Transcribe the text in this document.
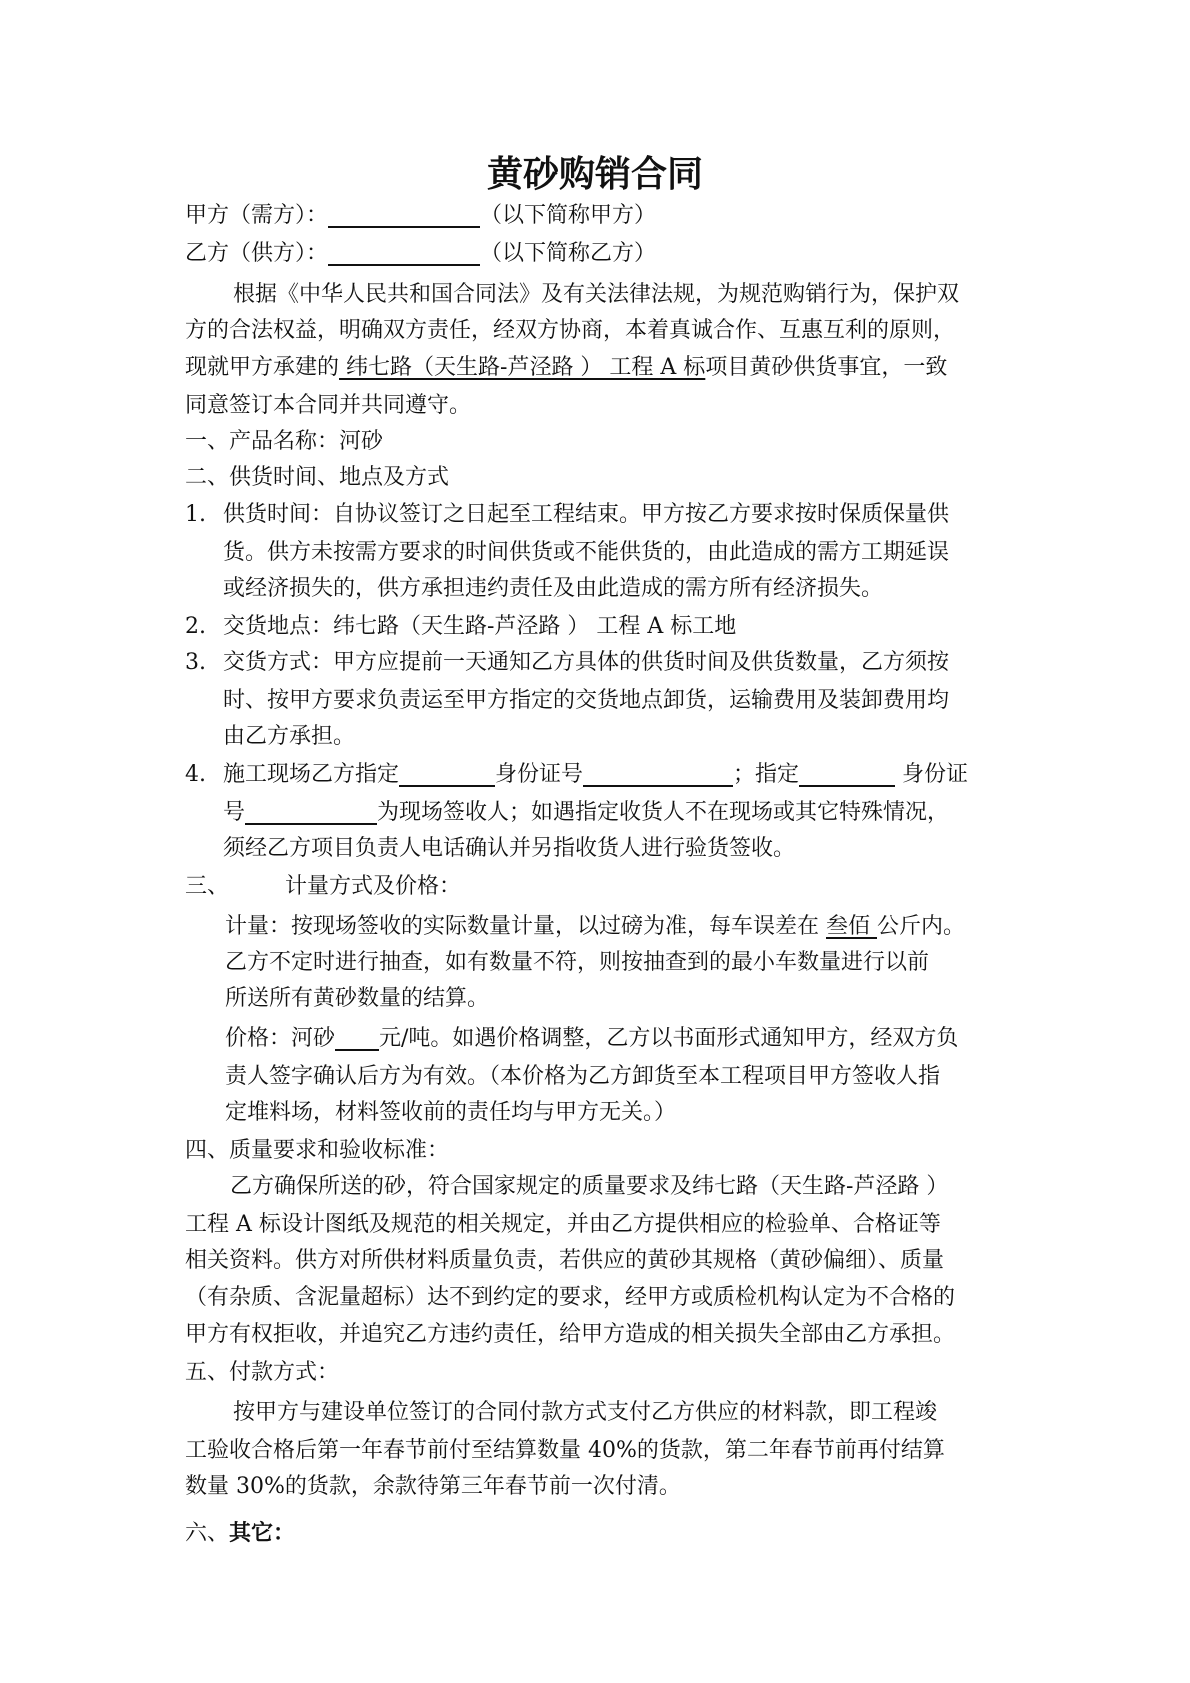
黄砂购销合同
甲方（需方）：	（以下简称甲方）
乙方（供方）：	（以下简称乙方）
根据《中华人民共和国合同法》及有关法律法规，为规范购销行为，保护双
方的合法权益，明确双方责任，经双方协商，本着真诚合作、互惠互利的原则，
现就甲方承建的 纬七路（天生路-芦泾路 ） 工程 A 标项目黄砂供货事宜，一致
同意签订本合同并共同遵守。
一、产品名称：河砂
二、供货时间、地点及方式
1. 供货时间：自协议签订之日起至工程结束。甲方按乙方要求按时保质保量供
货。供方未按需方要求的时间供货或不能供货的，由此造成的需方工期延误
或经济损失的，供方承担违约责任及由此造成的需方所有经济损失。
2. 交货地点：纬七路（天生路-芦泾路 ） 工程 A 标工地
3. 交货方式：甲方应提前一天通知乙方具体的供货时间及供货数量，乙方须按
时、按甲方要求负责运至甲方指定的交货地点卸货，运输费用及装卸费用均
由乙方承担。
4. 施工现场乙方指定	身份证号	；指定	身份证
号	为现场签收人；如遇指定收货人不在现场或其它特殊情况，
须经乙方项目负责人电话确认并另指收货人进行验货签收。
三、	计量方式及价格：
计量：按现场签收的实际数量计量，以过磅为准，每车误差在 叁佰 公斤内。
乙方不定时进行抽查，如有数量不符，则按抽查到的最小车数量进行以前
所送所有黄砂数量的结算。
价格：河砂 元/吨。如遇价格调整，乙方以书面形式通知甲方，经双方负
责人签字确认后方为有效。（本价格为乙方卸货至本工程项目甲方签收人指
定堆料场，材料签收前的责任均与甲方无关。）
四、质量要求和验收标准：
乙方确保所送的砂，符合国家规定的质量要求及纬七路（天生路-芦泾路 ）
工程 A 标设计图纸及规范的相关规定，并由乙方提供相应的检验单、合格证等
相关资料。供方对所供材料质量负责，若供应的黄砂其规格（黄砂偏细）、质量
（有杂质、含泥量超标）达不到约定的要求，经甲方或质检机构认定为不合格的
甲方有权拒收，并追究乙方违约责任，给甲方造成的相关损失全部由乙方承担。
五、付款方式：
按甲方与建设单位签订的合同付款方式支付乙方供应的材料款，即工程竣
工验收合格后第一年春节前付至结算数量 40%的货款，第二年春节前再付结算
数量 30%的货款，余款待第三年春节前一次付清。
六、其它：
